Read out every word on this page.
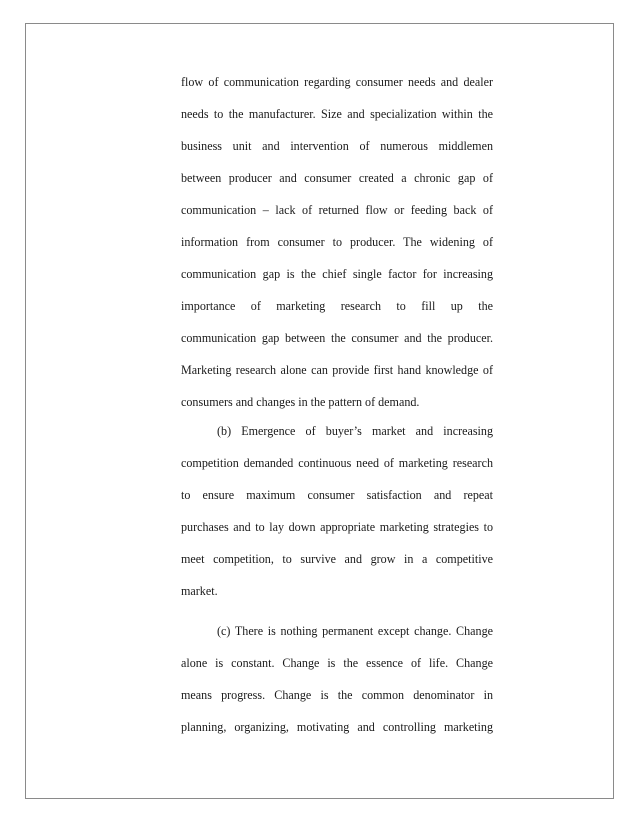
flow of communication regarding consumer needs and dealer
needs to the manufacturer. Size and specialization within the
business unit and intervention of numerous middlemen
between producer and consumer created a chronic gap of
communication – lack of returned flow or feeding back of
information from consumer to producer. The widening of
communication gap is the chief single factor for increasing
importance of marketing research to fill up the
communication gap between the consumer and the producer.
Marketing research alone can provide first hand knowledge of
consumers and changes in the pattern of demand.
(b) Emergence of buyer’s market and increasing
competition demanded continuous need of marketing research
to ensure maximum consumer satisfaction and repeat
purchases and to lay down appropriate marketing strategies to
meet competition, to survive and grow in a competitive
market.
(c) There is nothing permanent except change. Change
alone is constant. Change is the essence of life. Change
means progress. Change is the common denominator in
planning, organizing, motivating and controlling marketing
